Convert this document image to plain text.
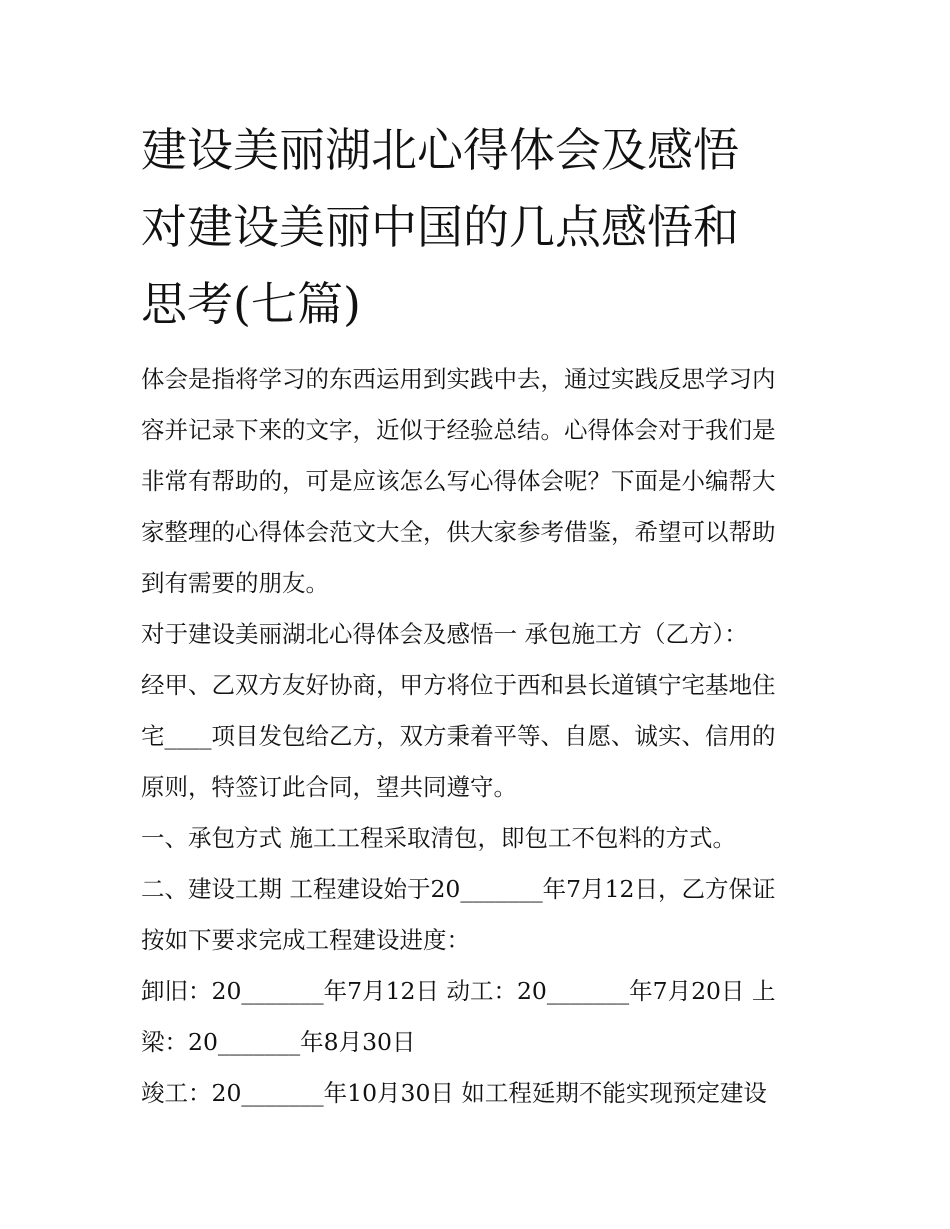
建设美丽湖北心得体会及感悟
对建设美丽中国的几点感悟和
思考(七篇)
体会是指将学习的东西运用到实践中去，通过实践反思学习内
容并记录下来的文字，近似于经验总结。心得体会对于我们是
非常有帮助的，可是应该怎么写心得体会呢？下面是小编帮大
家整理的心得体会范文大全，供大家参考借鉴，希望可以帮助
到有需要的朋友。
对于建设美丽湖北心得体会及感悟一 承包施工方（乙方）：
经甲、乙双方友好协商，甲方将位于西和县长道镇宁宅基地住
宅____项目发包给乙方，双方秉着平等、自愿、诚实、信用的
原则，特签订此合同，望共同遵守。
一、承包方式 施工工程采取清包，即包工不包料的方式。
二、建设工期 工程建设始于20_______年7月12日，乙方保证
按如下要求完成工程建设进度：
卸旧：20_______年7月12日 动工：20_______年7月20日 上
梁：20_______年8月30日
竣工：20_______年10月30日 如工程延期不能实现预定建设
